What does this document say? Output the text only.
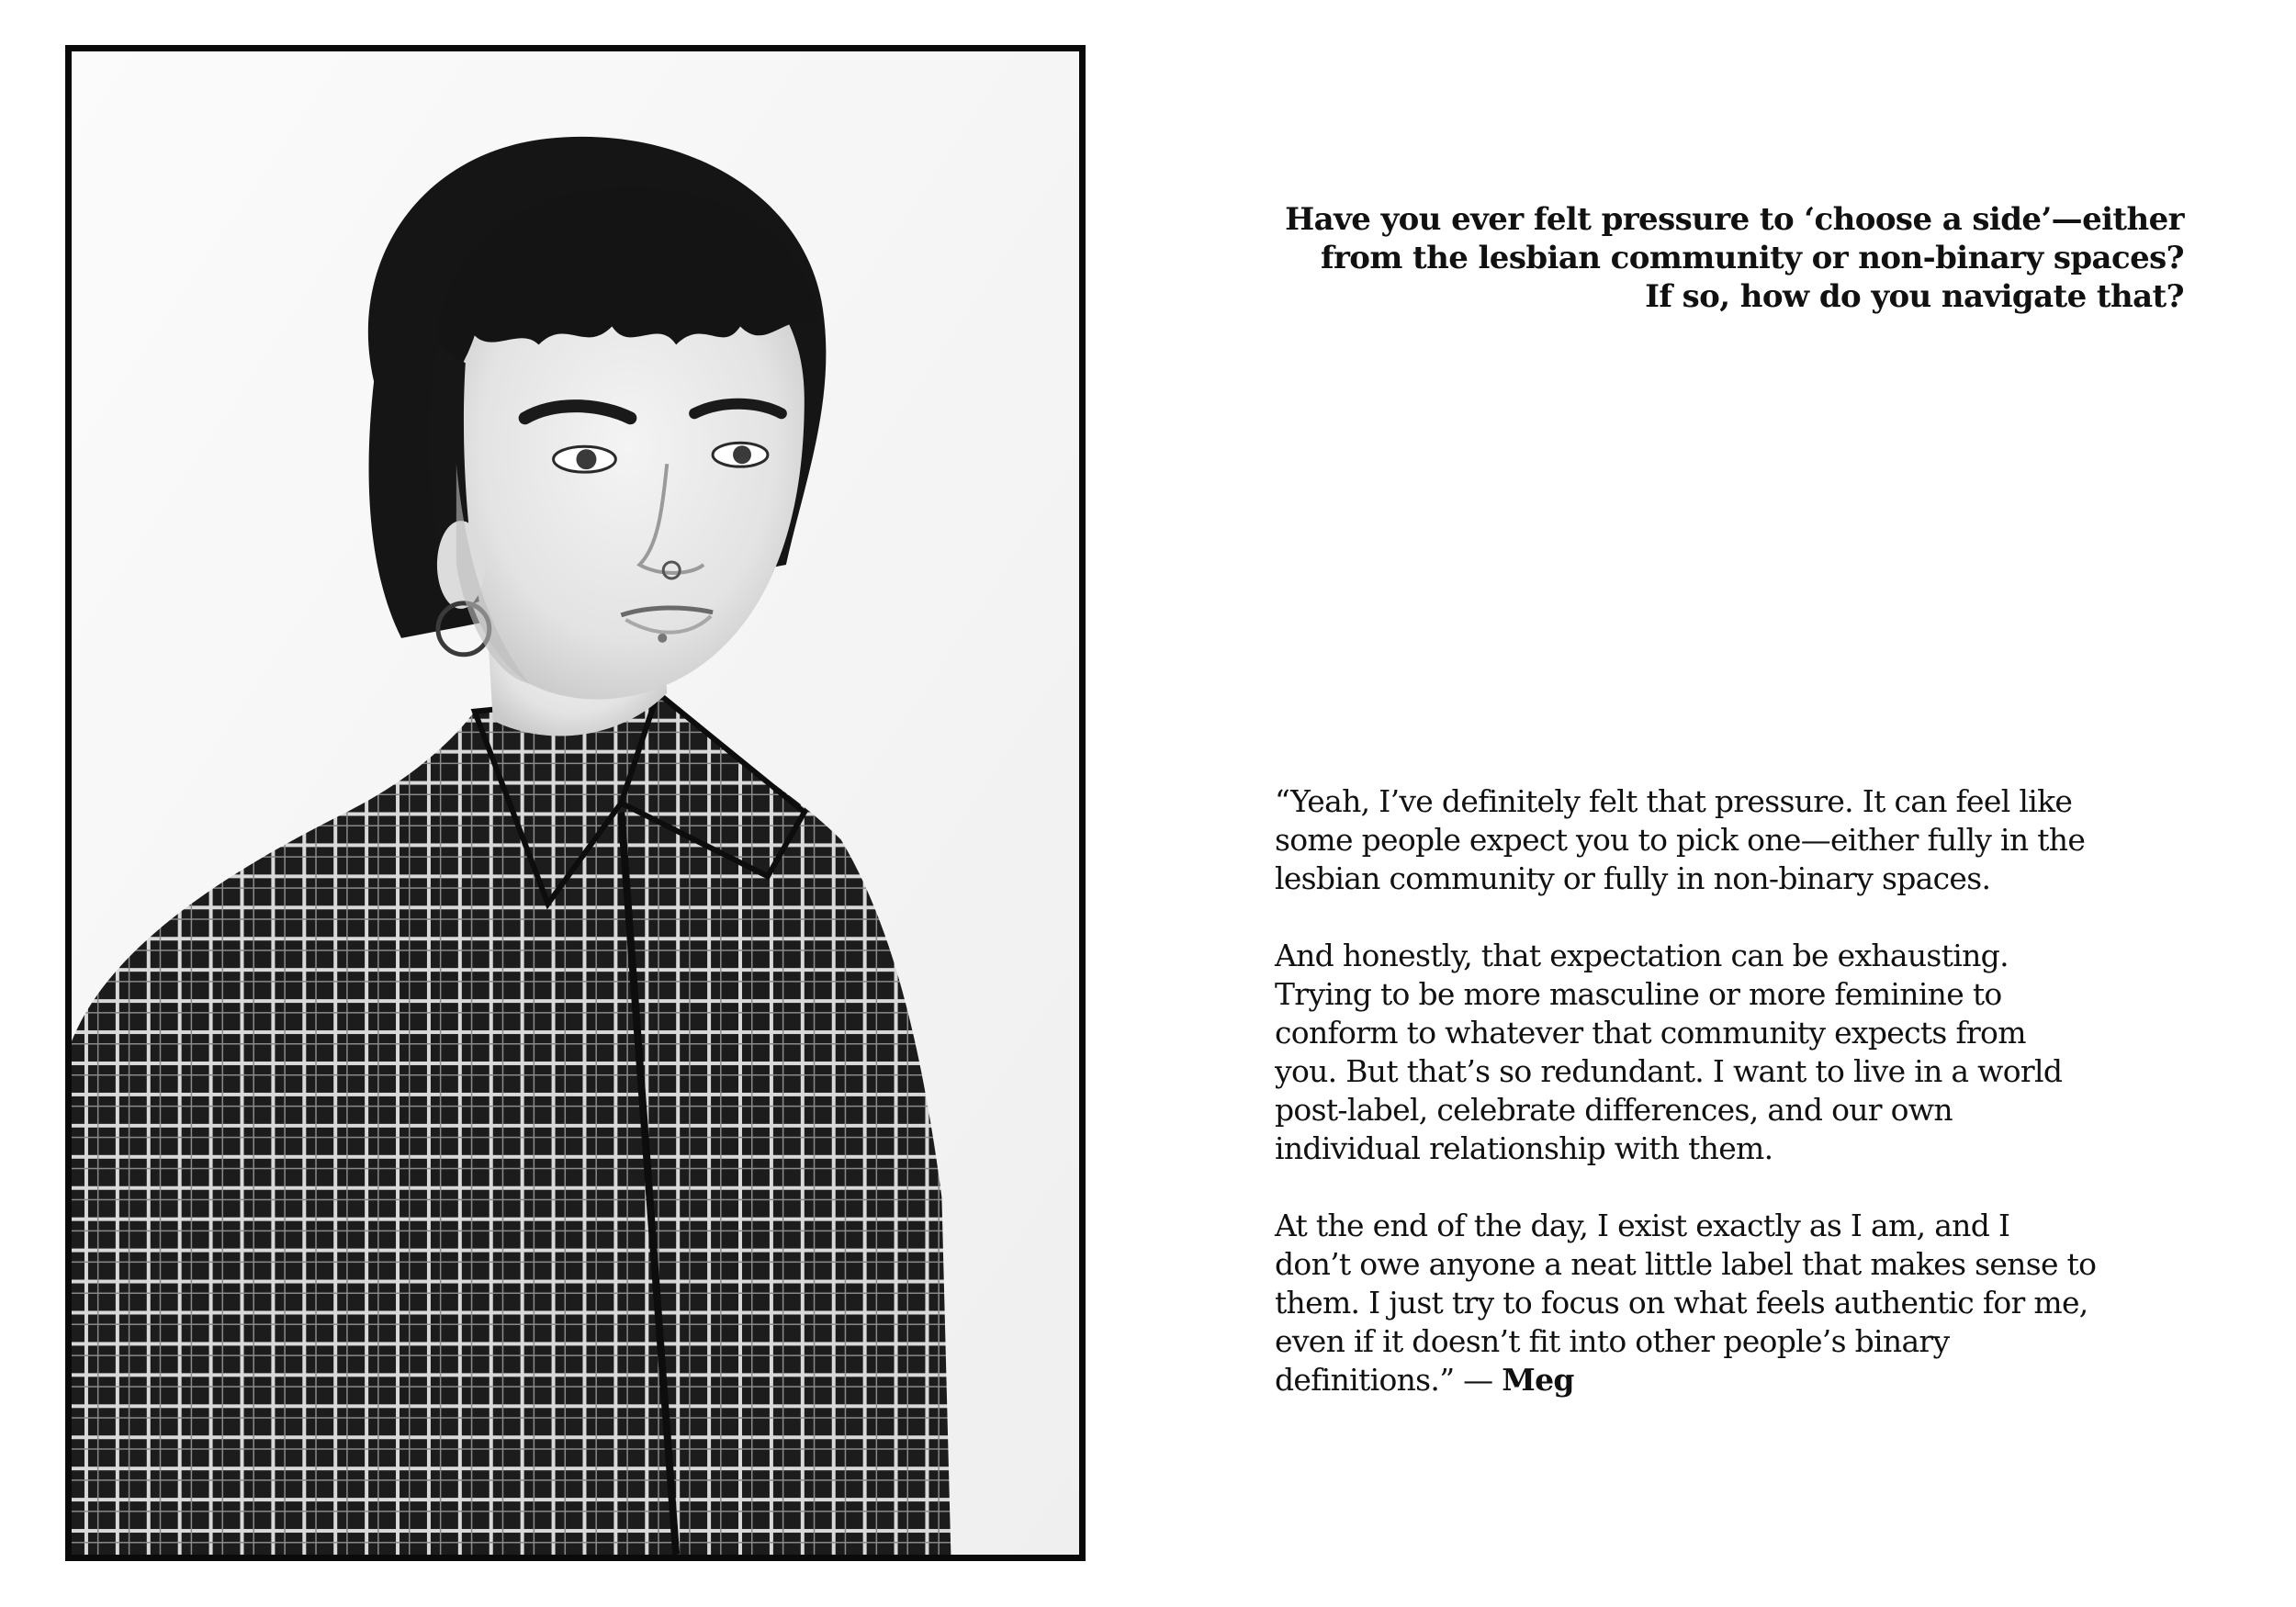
Have you ever felt pressure to ‘choose a side’—either
from the lesbian community or non-binary spaces?
If so, how do you navigate that?

“Yeah, I’ve definitely felt that pressure. It can feel like
some people expect you to pick one—either fully in the
lesbian community or fully in non-binary spaces.

And honestly, that expectation can be exhausting.
Trying to be more masculine or more feminine to
conform to whatever that community expects from
you. But that’s so redundant. I want to live in a world
post-label, celebrate differences, and our own
individual relationship with them.

At the end of the day, I exist exactly as I am, and I
don’t owe anyone a neat little label that makes sense to
them. I just try to focus on what feels authentic for me,
even if it doesn’t fit into other people’s binary
definitions.” — Meg
